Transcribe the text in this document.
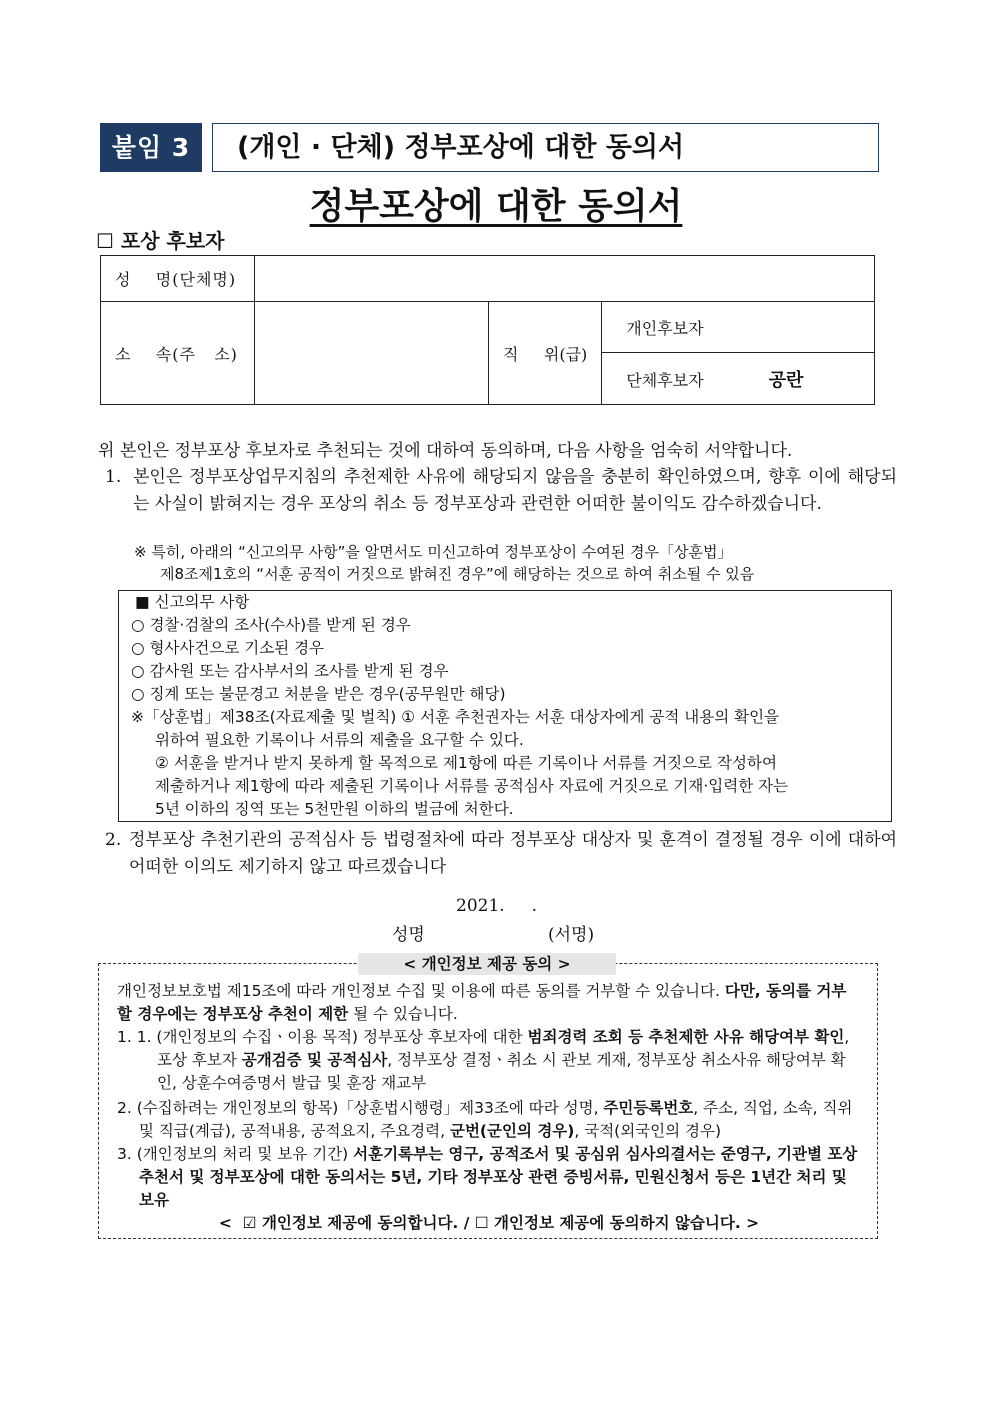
붙임 3	(개인 · 단체) 정부포상에 대한 동의서
정부포상에 대한 동의서
☐ 포상 후보자
성    명(단체명)			
소    속(주   소)		직     위(급)	개인후보자
			단체후보자 공란
위 본인은 정부포상 후보자로 추천되는 것에 대하여 동의하며, 다음 사항을 엄숙히 서약합니다.
1. 본인은 정부포상업무지침의 추천제한 사유에 해당되지 않음을 충분히 확인하였으며, 향후 이에 해당되는 사실이 밝혀지는 경우 포상의 취소 등 정부포상과 관련한 어떠한 불이익도 감수하겠습니다.
※ 특히, 아래의 “신고의무 사항”을 알면서도 미신고하여 정부포상이 수여된 경우「상훈법」
제8조제1호의 “서훈 공적이 거짓으로 밝혀진 경우”에 해당하는 것으로 하여 취소될 수 있음
■ 신고의무 사항
○ 경찰·검찰의 조사(수사)를 받게 된 경우
○ 형사사건으로 기소된 경우
○ 감사원 또는 감사부서의 조사를 받게 된 경우
○ 징계 또는 불문경고 처분을 받은 경우(공무원만 해당)
※「상훈법」제38조(자료제출 및 벌칙) ① 서훈 추천권자는 서훈 대상자에게 공적 내용의 확인을
위하여 필요한 기록이나 서류의 제출을 요구할 수 있다.
② 서훈을 받거나 받지 못하게 할 목적으로 제1항에 따른 기록이나 서류를 거짓으로 작성하여
제출하거나 제1항에 따라 제출된 기록이나 서류를 공적심사 자료에 거짓으로 기재·입력한 자는
5년 이하의 징역 또는 5천만원 이하의 벌금에 처한다.
2. 정부포상 추천기관의 공적심사 등 법령절차에 따라 정부포상 대상자 및 훈격이 결정될 경우 이에 대하여 어떠한 이의도 제기하지 않고 따르겠습니다
2021.     .
성명	(서명)
개인정보보호법 제15조에 따라 개인정보 수집 및 이용에 따른 동의를 거부할 수 있습니다. 다만, 동의를 거부할 경우에는 정부포상 추천이 제한 될 수 있습니다.
1. 1. (개인정보의 수집ㆍ이용 목적) 정부포상 후보자에 대한 범죄경력 조회 등 추천제한 사유 해당여부 확인, 포상 후보자 공개검증 및 공적심사, 정부포상 결정ㆍ취소 시 관보 게재, 정부포상 취소사유 해당여부 확인, 상훈수여증명서 발급 및 훈장 재교부
2. (수집하려는 개인정보의 항목)「상훈법시행령」제33조에 따라 성명, 주민등록번호, 주소, 직업, 소속, 직위 및 직급(계급), 공적내용, 공적요지, 주요경력, 군번(군인의 경우), 국적(외국인의 경우)
3. (개인정보의 처리 및 보유 기간) 서훈기록부는 영구, 공적조서 및 공심위 심사의결서는 준영구, 기관별 포상추천서 및 정부포상에 대한 동의서는 5년, 기타 정부포상 관련 증빙서류, 민원신청서 등은 1년간 처리 및 보유
<  ☑ 개인정보 제공에 동의합니다. / ☐ 개인정보 제공에 동의하지 않습니다. >
< 개인정보 제공 동의 >
